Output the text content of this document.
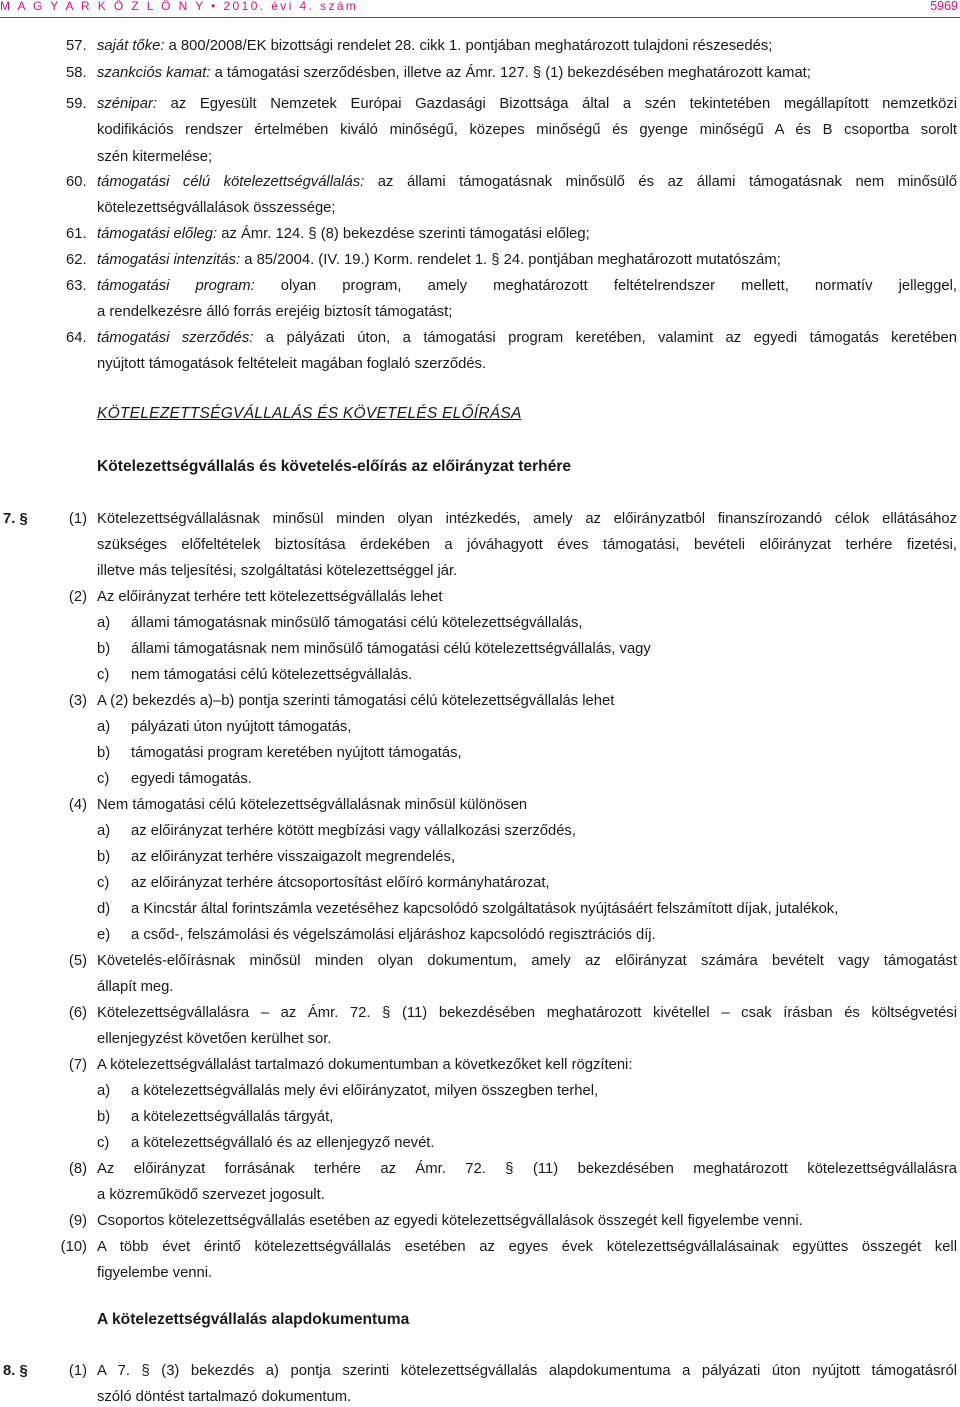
M A G Y A R K Ö Z L Ö N Y • 2010. évi 4. szám	5969
57. saját tőke: a 800/2008/EK bizottsági rendelet 28. cikk 1. pontjában meghatározott tulajdoni részesedés;
58. szankciós kamat: a támogatási szerződésben, illetve az Ámr. 127. § (1) bekezdésében meghatározott kamat;
59. szénipar: az Egyesült Nemzetek Európai Gazdasági Bizottsága által a szén tekintetében megállapított nemzetközi
kodifikációs rendszer értelmében kiváló minőségű, közepes minőségű és gyenge minőségű A és B csoportba sorolt
szén kitermelése;
60. támogatási célú kötelezettségvállalás: az állami támogatásnak minősülő és az állami támogatásnak nem minősülő
kötelezettségvállalások összessége;
61. támogatási előleg: az Ámr. 124. § (8) bekezdése szerinti támogatási előleg;
62. támogatási intenzitás: a 85/2004. (IV. 19.) Korm. rendelet 1. § 24. pontjában meghatározott mutatószám;
63. támogatási program: olyan program, amely meghatározott feltételrendszer mellett, normatív jelleggel,
a rendelkezésre álló forrás erejéig biztosít támogatást;
64. támogatási szerződés: a pályázati úton, a támogatási program keretében, valamint az egyedi támogatás keretében
nyújtott támogatások feltételeit magában foglaló szerződés.
KÖTELEZETTSÉGVÁLLALÁS ÉS KÖVETELÉS ELŐÍRÁSA
Kötelezettségvállalás és követelés-előírás az előirányzat terhére
7. §	(1) Kötelezettségvállalásnak minősül minden olyan intézkedés, amely az előirányzatból finanszírozandó célok ellátásához
szükséges előfeltételek biztosítása érdekében a jóváhagyott éves támogatási, bevételi előirányzat terhére fizetési,
illetve más teljesítési, szolgáltatási kötelezettséggel jár.
(2) Az előirányzat terhére tett kötelezettségvállalás lehet
a) állami támogatásnak minősülő támogatási célú kötelezettségvállalás,
b) állami támogatásnak nem minősülő támogatási célú kötelezettségvállalás, vagy
c) nem támogatási célú kötelezettségvállalás.
(3) A (2) bekezdés a)–b) pontja szerinti támogatási célú kötelezettségvállalás lehet
a) pályázati úton nyújtott támogatás,
b) támogatási program keretében nyújtott támogatás,
c) egyedi támogatás.
(4) Nem támogatási célú kötelezettségvállalásnak minősül különösen
a) az előirányzat terhére kötött megbízási vagy vállalkozási szerződés,
b) az előirányzat terhére visszaigazolt megrendelés,
c) az előirányzat terhére átcsoportosítást előíró kormányhatározat,
d) a Kincstár által forintszámla vezetéséhez kapcsolódó szolgáltatások nyújtásáért felszámított díjak, jutalékok,
e) a csőd-, felszámolási és végelszámolási eljáráshoz kapcsolódó regisztrációs díj.
(5) Követelés-előírásnak minősül minden olyan dokumentum, amely az előirányzat számára bevételt vagy támogatást
állapít meg.
(6) Kötelezettségvállalásra – az Ámr. 72. § (11) bekezdésében meghatározott kivétellel – csak írásban és költségvetési
ellenjegyzést követően kerülhet sor.
(7) A kötelezettségvállalást tartalmazó dokumentumban a következőket kell rögzíteni:
a) a kötelezettségvállalás mely évi előirányzatot, milyen összegben terhel,
b) a kötelezettségvállalás tárgyát,
c) a kötelezettségvállaló és az ellenjegyző nevét.
(8) Az előirányzat forrásának terhére az Ámr. 72. § (11) bekezdésében meghatározott kötelezettségvállalásra
a közreműködő szervezet jogosult.
(9) Csoportos kötelezettségvállalás esetében az egyedi kötelezettségvállalások összegét kell figyelembe venni.
(10) A több évet érintő kötelezettségvállalás esetében az egyes évek kötelezettségvállalásainak együttes összegét kell
figyelembe venni.
A kötelezettségvállalás alapdokumentuma
8. §	(1) A 7. § (3) bekezdés a) pontja szerinti kötelezettségvállalás alapdokumentuma a pályázati úton nyújtott támogatásról
szóló döntést tartalmazó dokumentum.
